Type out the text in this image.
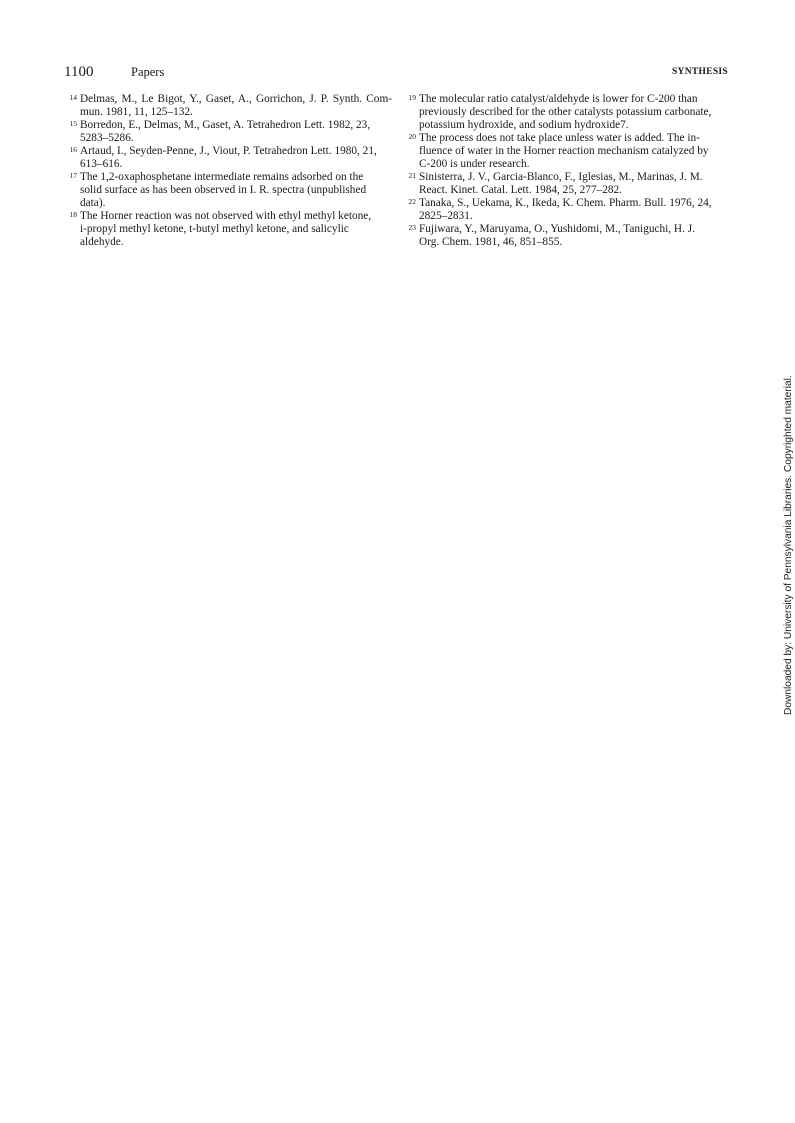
1100	Papers	SYNTHESIS
14 Delmas, M., Le Bigot, Y., Gaset, A., Gorrichon, J. P. Synth. Com-
mun. 1981, 11, 125–132.
15 Borredon, E., Delmas, M., Gaset, A. Tetrahedron Lett. 1982, 23,
5283–5286.
16 Artaud, I., Seyden-Penne, J., Viout, P. Tetrahedron Lett. 1980, 21,
613–616.
17 The 1,2-oxaphosphetane intermediate remains adsorbed on the
solid surface as has been observed in I. R. spectra (unpublished
data).
18 The Horner reaction was not observed with ethyl methyl ketone,
i-propyl methyl ketone, t-butyl methyl ketone, and salicylic
aldehyde.
19 The molecular ratio catalyst/aldehyde is lower for C-200 than
previously described for the other catalysts potassium carbonate,
potassium hydroxide, and sodium hydroxide7.
20 The process does not take place unless water is added. The in-
fluence of water in the Horner reaction mechanism catalyzed by
C-200 is under research.
21 Sinisterra, J. V., Garcia-Blanco, F., Iglesias, M., Marinas, J. M.
React. Kinet. Catal. Lett. 1984, 25, 277–282.
22 Tanaka, S., Uekama, K., Ikeda, K. Chem. Pharm. Bull. 1976, 24,
2825–2831.
23 Fujiwara, Y., Maruyama, O., Yushidomi, M., Taniguchi, H. J.
Org. Chem. 1981, 46, 851–855.
Downloaded by: University of Pennsylvania Libraries. Copyrighted material.
